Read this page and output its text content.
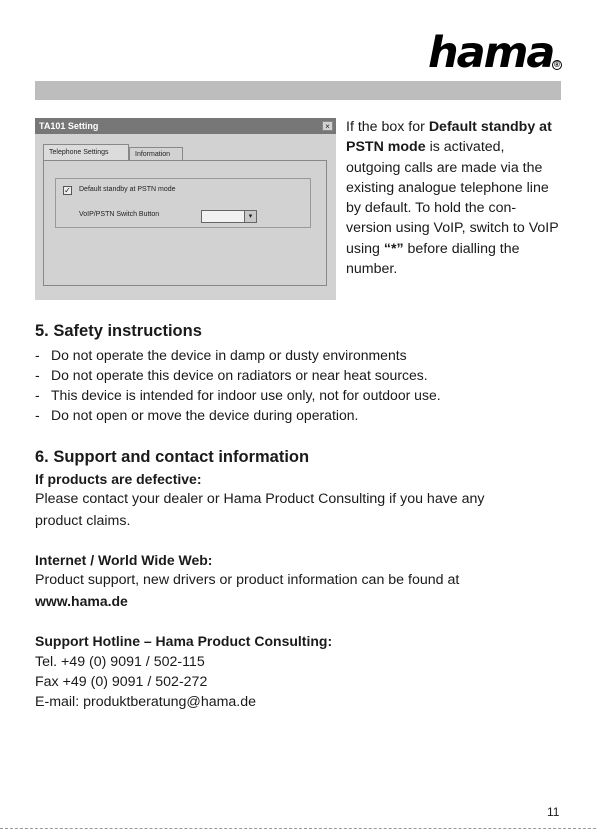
hama ®
TA101 Setting	×
Telephone Settings	Information
✓ Default standby at PSTN mode
VoIP/PSTN Switch Button	▾
If the box for Default standby at PSTN mode is activated, outgoing calls are made via the existing analogue telephone line by default. To hold the con-version using VoIP, switch to VoIP using “*” before dialling the number.
5. Safety instructions
- Do not operate the device in damp or dusty environments
- Do not operate this device on radiators or near heat sources.
- This device is intended for indoor use only, not for outdoor use.
- Do not open or move the device during operation.
6. Support and contact information
If products are defective:
Please contact your dealer or Hama Product Consulting if you have any
product claims.
Internet / World Wide Web:
Product support, new drivers or product information can be found at
www.hama.de
Support Hotline – Hama Product Consulting:
Tel. +49 (0) 9091 / 502-115
Fax +49 (0) 9091 / 502-272
E-mail: produktberatung@hama.de
11
